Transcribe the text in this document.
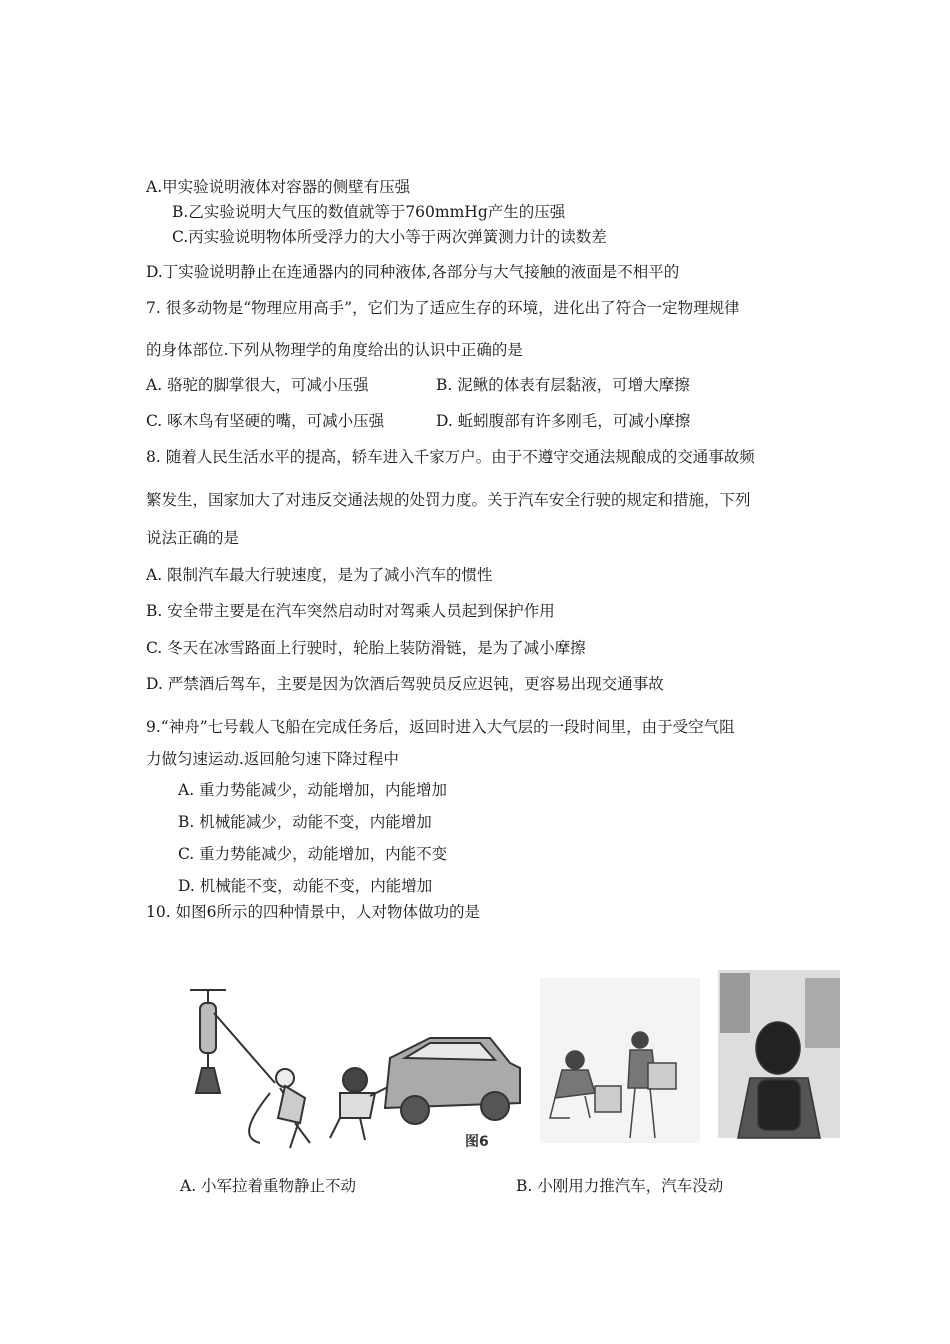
A.甲实验说明液体对容器的侧壁有压强
B.乙实验说明大气压的数值就等于760mmHg产生的压强
C.丙实验说明物体所受浮力的大小等于两次弹簧测力计的读数差
D.丁实验说明静止在连通器内的同种液体,各部分与大气接触的液面是不相平的
7. 很多动物是“物理应用高手”，它们为了适应生存的环境，进化出了符合一定物理规律
的身体部位.下列从物理学的角度给出的认识中正确的是
A. 骆驼的脚掌很大，可减小压强	B. 泥鳅的体表有层黏液，可增大摩擦
C. 啄木鸟有坚硬的嘴，可减小压强	D. 蚯蚓腹部有许多刚毛，可减小摩擦
8. 随着人民生活水平的提高，轿车进入千家万户。由于不遵守交通法规酿成的交通事故频
繁发生，国家加大了对违反交通法规的处罚力度。关于汽车安全行驶的规定和措施，下列
说法正确的是
A. 限制汽车最大行驶速度，是为了减小汽车的惯性
B. 安全带主要是在汽车突然启动时对驾乘人员起到保护作用
C. 冬天在冰雪路面上行驶时，轮胎上装防滑链，是为了减小摩擦
D. 严禁酒后驾车，主要是因为饮酒后驾驶员反应迟钝，更容易出现交通事故
9.“神舟”七号载人飞船在完成任务后，返回时进入大气层的一段时间里，由于受空气阻
力做匀速运动.返回舱匀速下降过程中
A. 重力势能减少，动能增加，内能增加
B. 机械能减少，动能不变，内能增加
C. 重力势能减少，动能增加，内能不变
D. 机械能不变，动能不变，内能增加
10. 如图6所示的四种情景中，人对物体做功的是
图6
A. 小军拉着重物静止不动	B. 小刚用力推汽车，汽车没动
